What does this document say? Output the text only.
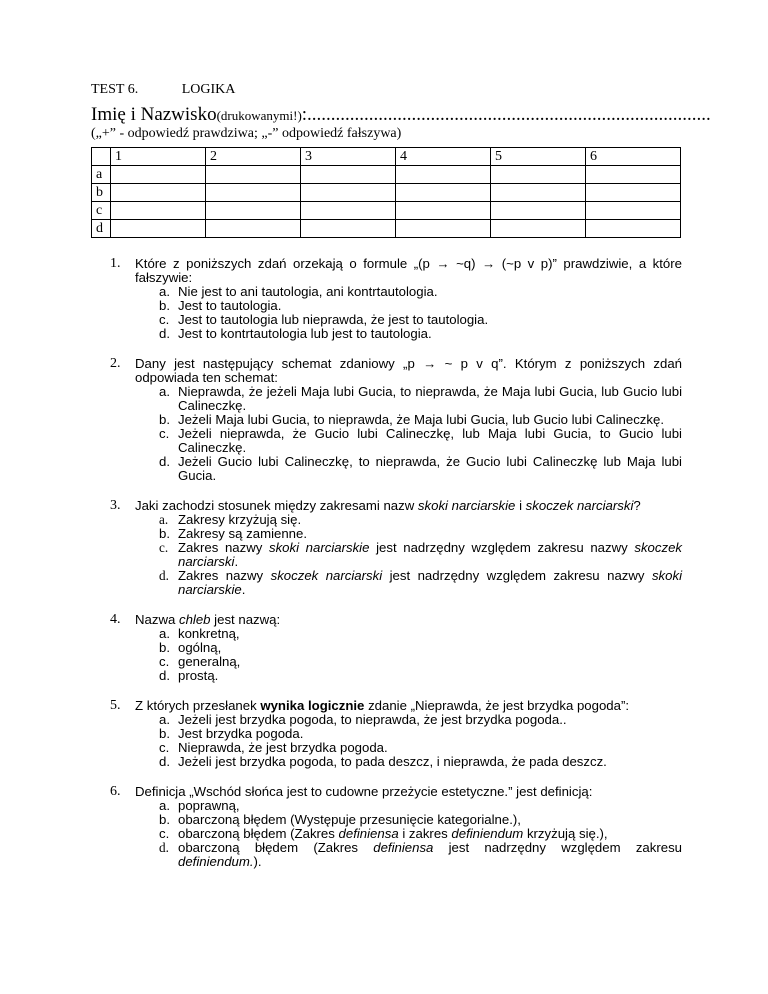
TEST 6.	LOGIKA
Imię i Nazwisko(drukowanymi!):.....................................................................................
(„+” - odpowiedź prawdziwa; „-” odpowiedź fałszywa)
	1	2	3	4	5	6
a						
b						
c						
d						
1. Które z poniższych zdań orzekają o formule „(p → ~q) → (~p v p)” prawdziwie, a które fałszywie:
a. Nie jest to ani tautologia, ani kontrtautologia.
b. Jest to tautologia.
c. Jest to tautologia lub nieprawda, że jest to tautologia.
d. Jest to kontrtautologia lub jest to tautologia.
2. Dany jest następujący schemat zdaniowy „p → ~ p v q”. Którym z poniższych zdań odpowiada ten schemat:
a. Nieprawda, że jeżeli Maja lubi Gucia, to nieprawda, że Maja lubi Gucia, lub Gucio lubi Calineczkę.
b. Jeżeli Maja lubi Gucia, to nieprawda, że Maja lubi Gucia, lub Gucio lubi Calineczkę.
c. Jeżeli nieprawda, że Gucio lubi Calineczkę, lub Maja lubi Gucia, to Gucio lubi Calineczkę.
d. Jeżeli Gucio lubi Calineczkę, to nieprawda, że Gucio lubi Calineczkę lub Maja lubi Gucia.
3. Jaki zachodzi stosunek między zakresami nazw skoki narciarskie i skoczek narciarski?
a. Zakresy krzyżują się.
b. Zakresy są zamienne.
c. Zakres nazwy skoki narciarskie jest nadrzędny względem zakresu nazwy skoczek narciarski.
d. Zakres nazwy skoczek narciarski jest nadrzędny względem zakresu nazwy skoki narciarskie.
4. Nazwa chleb jest nazwą:
a. konkretną,
b. ogólną,
c. generalną,
d. prostą.
5. Z których przesłanek wynika logicznie zdanie „Nieprawda, że jest brzydka pogoda”:
a. Jeżeli jest brzydka pogoda, to nieprawda, że jest brzydka pogoda..
b. Jest brzydka pogoda.
c. Nieprawda, że jest brzydka pogoda.
d. Jeżeli jest brzydka pogoda, to pada deszcz, i nieprawda, że pada deszcz.
6. Definicja „Wschód słońca jest to cudowne przeżycie estetyczne.” jest definicją:
a. poprawną,
b. obarczoną błędem (Występuje przesunięcie kategorialne.),
c. obarczoną błędem (Zakres definiensa i zakres definiendum krzyżują się.),
d. obarczoną błędem (Zakres definiensa jest nadrzędny względem zakresu definiendum.).
